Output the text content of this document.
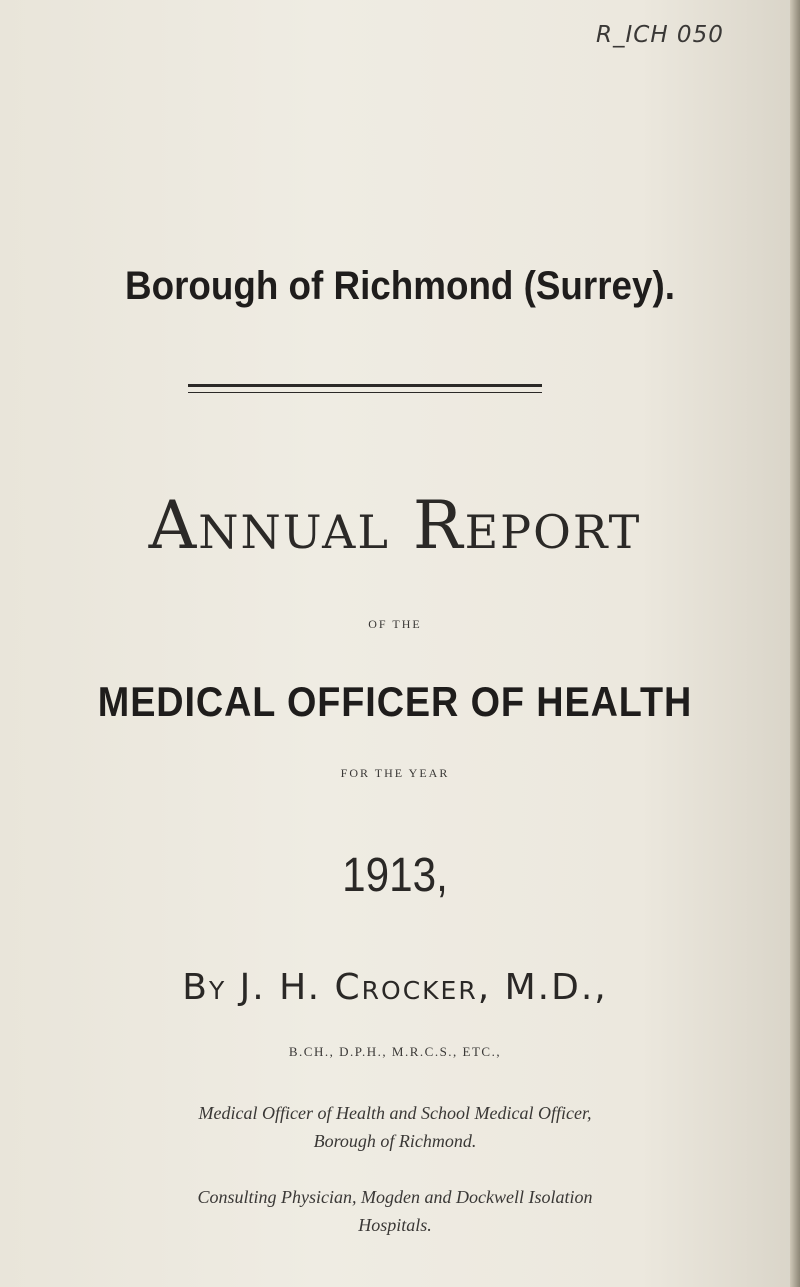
R_ICH 050
Borough of Richmond (Surrey).
Annual Report
OF THE
MEDICAL OFFICER OF HEALTH
FOR THE YEAR
1913,
By J. H. Crocker, M.D.,
B.CH., D.P.H., M.R.C.S., ETC.,
Medical Officer of Health and School Medical Officer,
Borough of Richmond.
Consulting Physician, Mogden and Dockwell Isolation
Hospitals.
